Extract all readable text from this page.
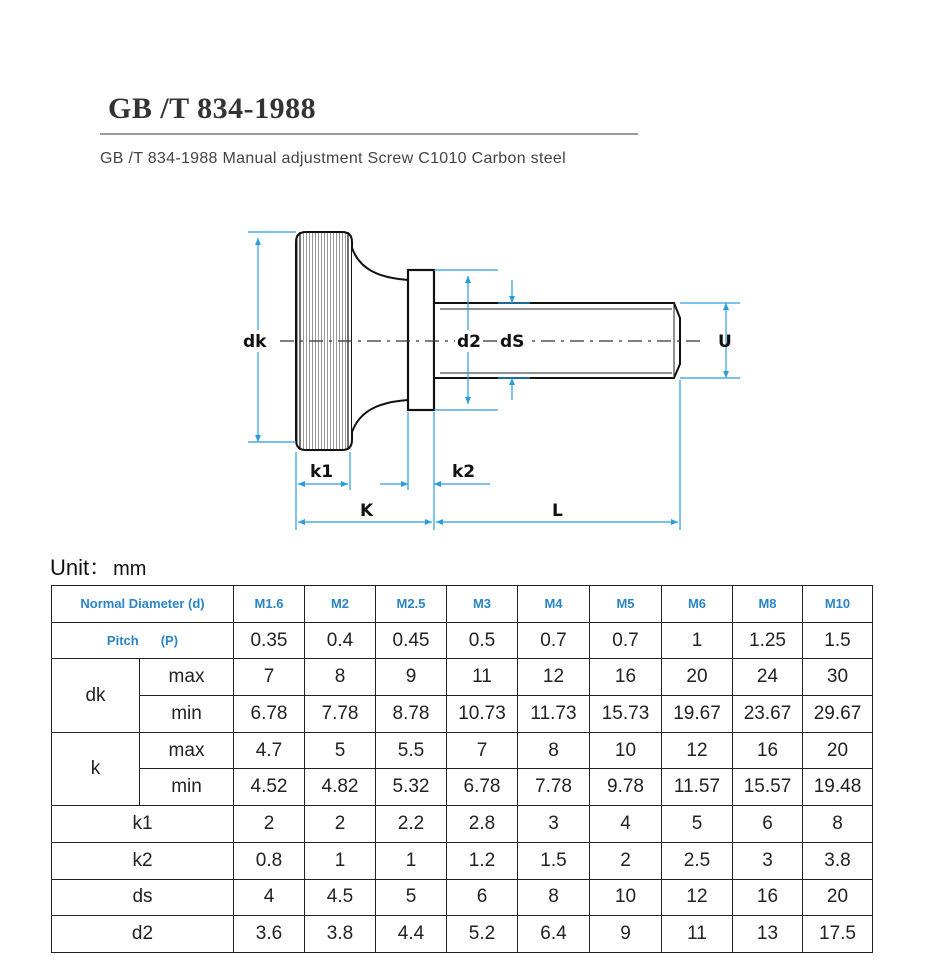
GB /T 834-1988
GB /T 834-1988 Manual adjustment Screw C1010 Carbon steel
dk	d2 dS	U
k1	k2
K	L
Unit： mm
Normal Diameter (d)		M1.6	M2	M2.5	M3	M4	M5	M6	M8	M10
Pitch (P)		0.35	0.4	0.45	0.5	0.7	0.7	1	1.25	1.5
dk	max	7	8	9	11	12	16	20	24	30
	min	6.78	7.78	8.78	10.73	11.73	15.73	19.67	23.67	29.67
k	max	4.7	5	5.5	7	8	10	12	16	20
	min	4.52	4.82	5.32	6.78	7.78	9.78	11.57	15.57	19.48
k1		2	2	2.2	2.8	3	4	5	6	8
k2		0.8	1	1	1.2	1.5	2	2.5	3	3.8
ds		4	4.5	5	6	8	10	12	16	20
d2		3.6	3.8	4.4	5.2	6.4	9	11	13	17.5
